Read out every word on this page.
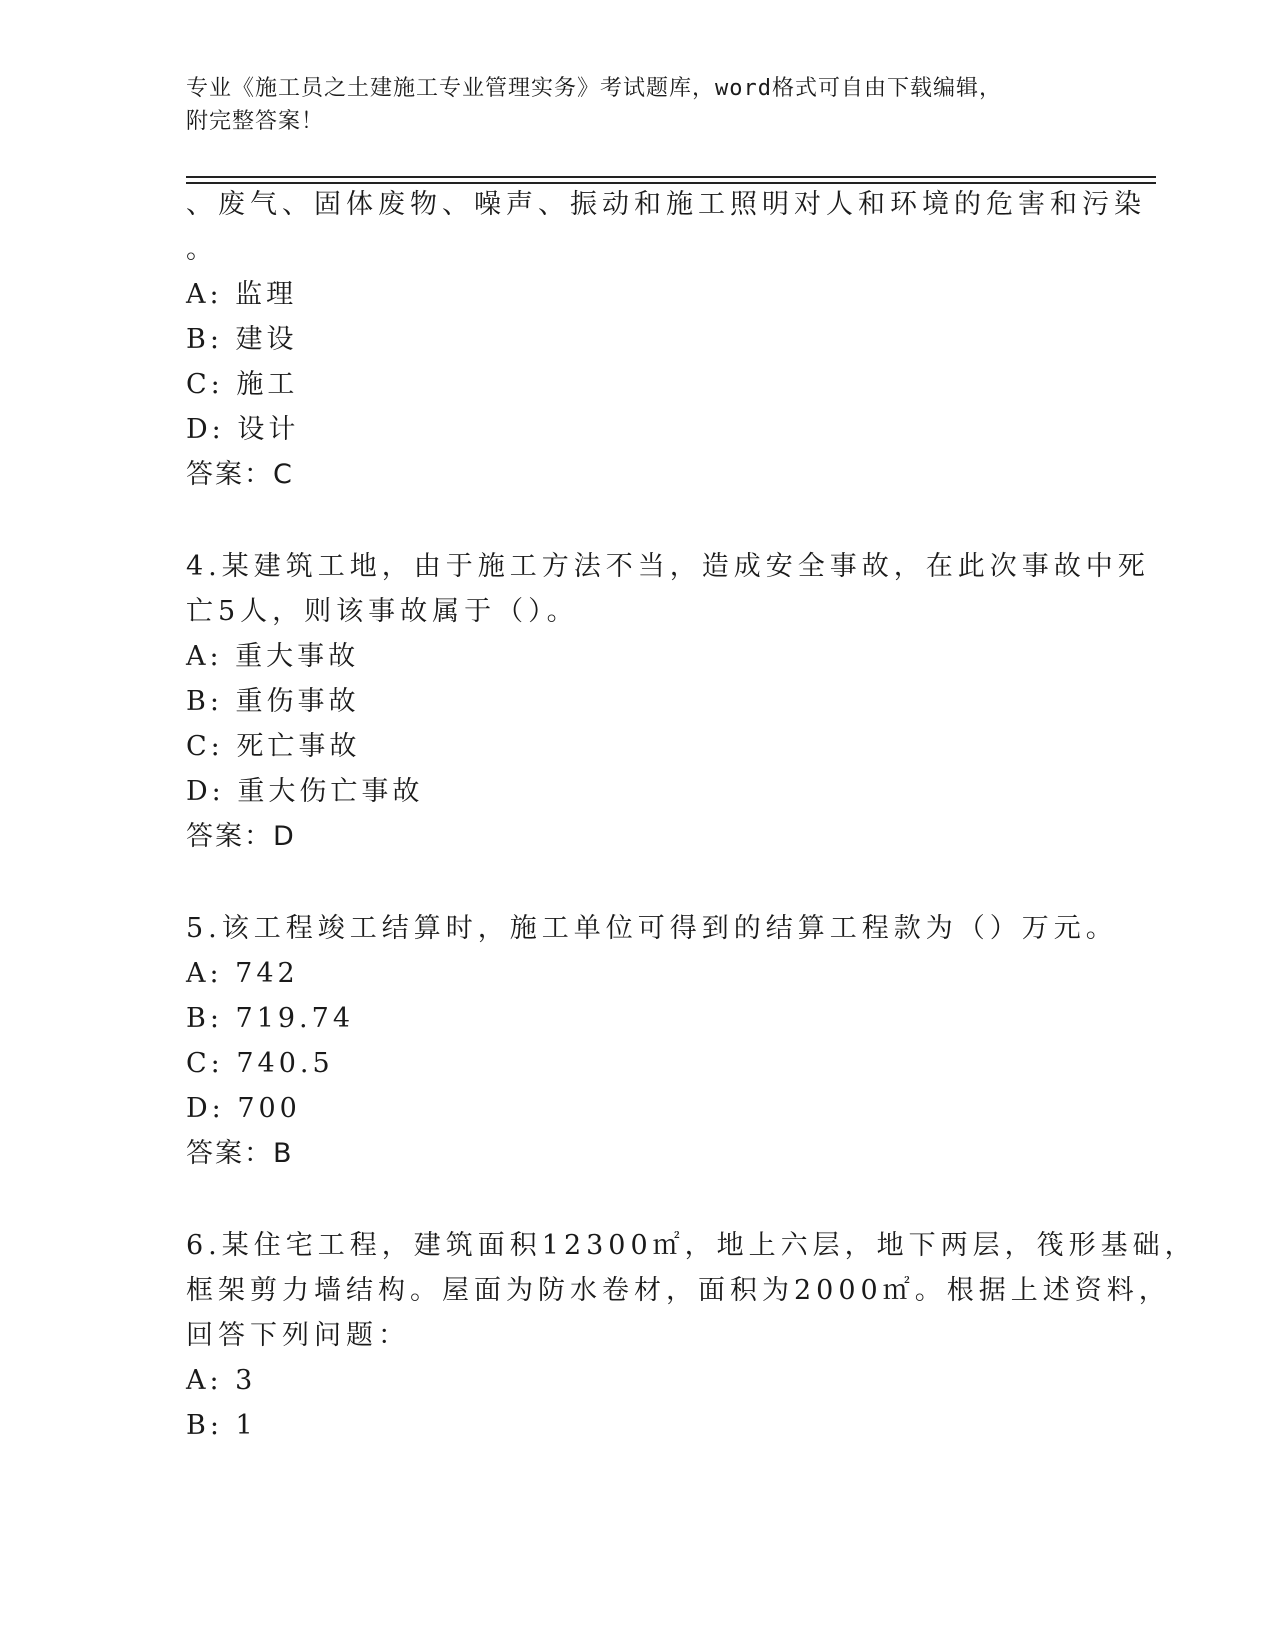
专业《施工员之土建施工专业管理实务》考试题库，word格式可自由下载编辑，
附完整答案！
、废气、固体废物、噪声、振动和施工照明对人和环境的危害和污染
。
A: 监理
B: 建设
C: 施工
D: 设计
答案：C
4.某建筑工地，由于施工方法不当，造成安全事故，在此次事故中死
亡5人，则该事故属于（）。
A: 重大事故
B: 重伤事故
C: 死亡事故
D: 重大伤亡事故
答案：D
5.该工程竣工结算时，施工单位可得到的结算工程款为（）万元。
A: 742
B: 719.74
C: 740.5
D: 700
答案：B
6.某住宅工程，建筑面积12300㎡，地上六层，地下两层，筏形基础，
框架剪力墙结构。屋面为防水卷材，面积为2000㎡。根据上述资料，
回答下列问题：
A: 3
B: 1
